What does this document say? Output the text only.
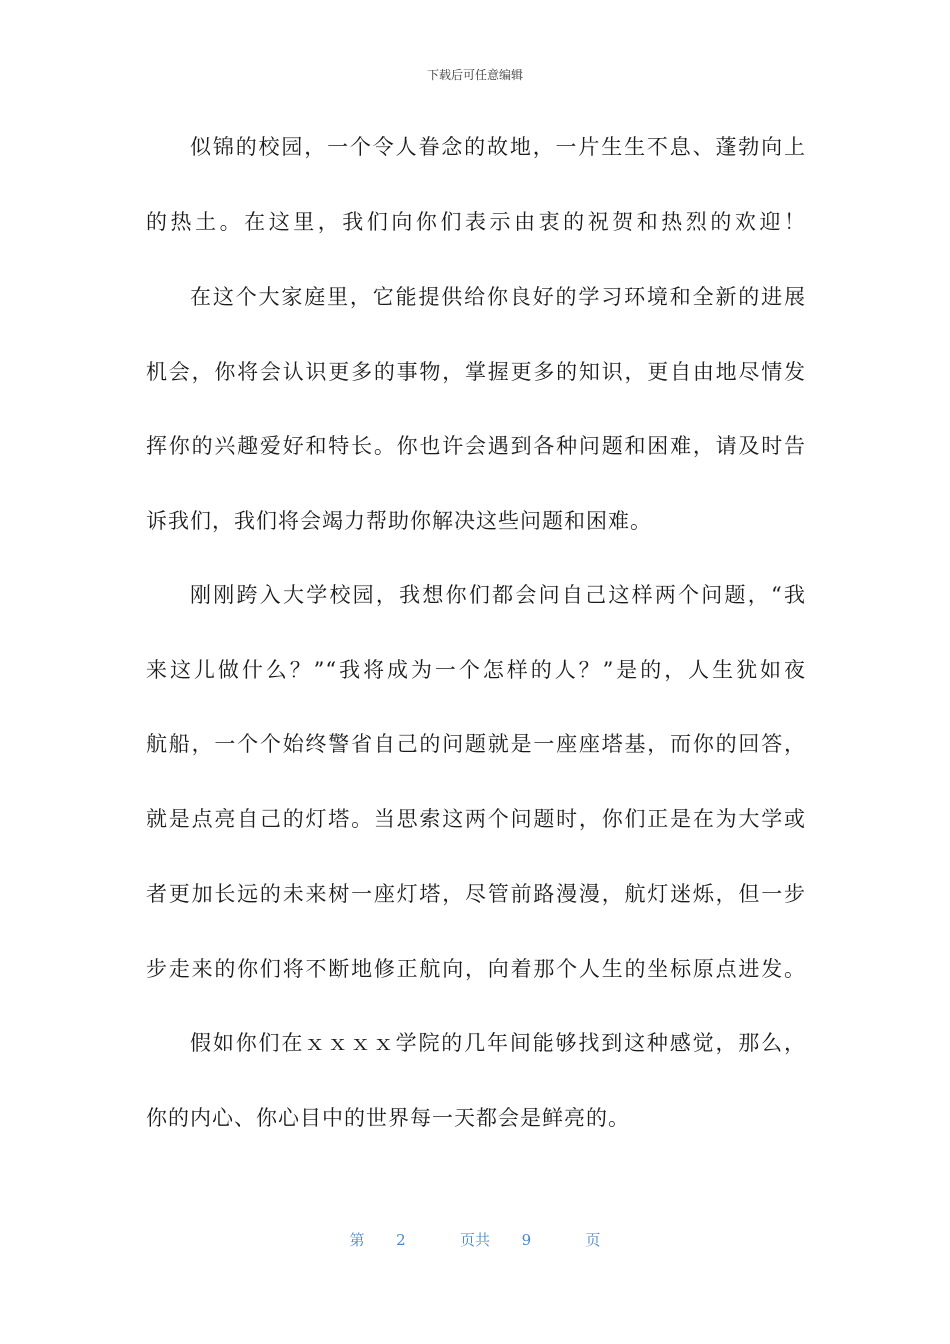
下载后可任意编辑
似锦的校园，一个令人眷念的故地，一片生生不息、蓬勃向上
的热土。在这里，我们向你们表示由衷的祝贺和热烈的欢迎！
在这个大家庭里，它能提供给你良好的学习环境和全新的进展
机会，你将会认识更多的事物，掌握更多的知识，更自由地尽情发
挥你的兴趣爱好和特长。你也许会遇到各种问题和困难，请及时告
诉我们，我们将会竭力帮助你解决这些问题和困难。
刚刚跨入大学校园，我想你们都会问自己这样两个问题，“我
来这儿做什么？”“我将成为一个怎样的人？”是的，人生犹如夜
航船，一个个始终警省自己的问题就是一座座塔基，而你的回答，
就是点亮自己的灯塔。当思索这两个问题时，你们正是在为大学或
者更加长远的未来树一座灯塔，尽管前路漫漫，航灯迷烁，但一步
步走来的你们将不断地修正航向，向着那个人生的坐标原点进发。
假如你们在ｘｘｘｘ学院的几年间能够找到这种感觉，那么，
你的内心、你心目中的世界每一天都会是鲜亮的。
第 2	页共 9	页
